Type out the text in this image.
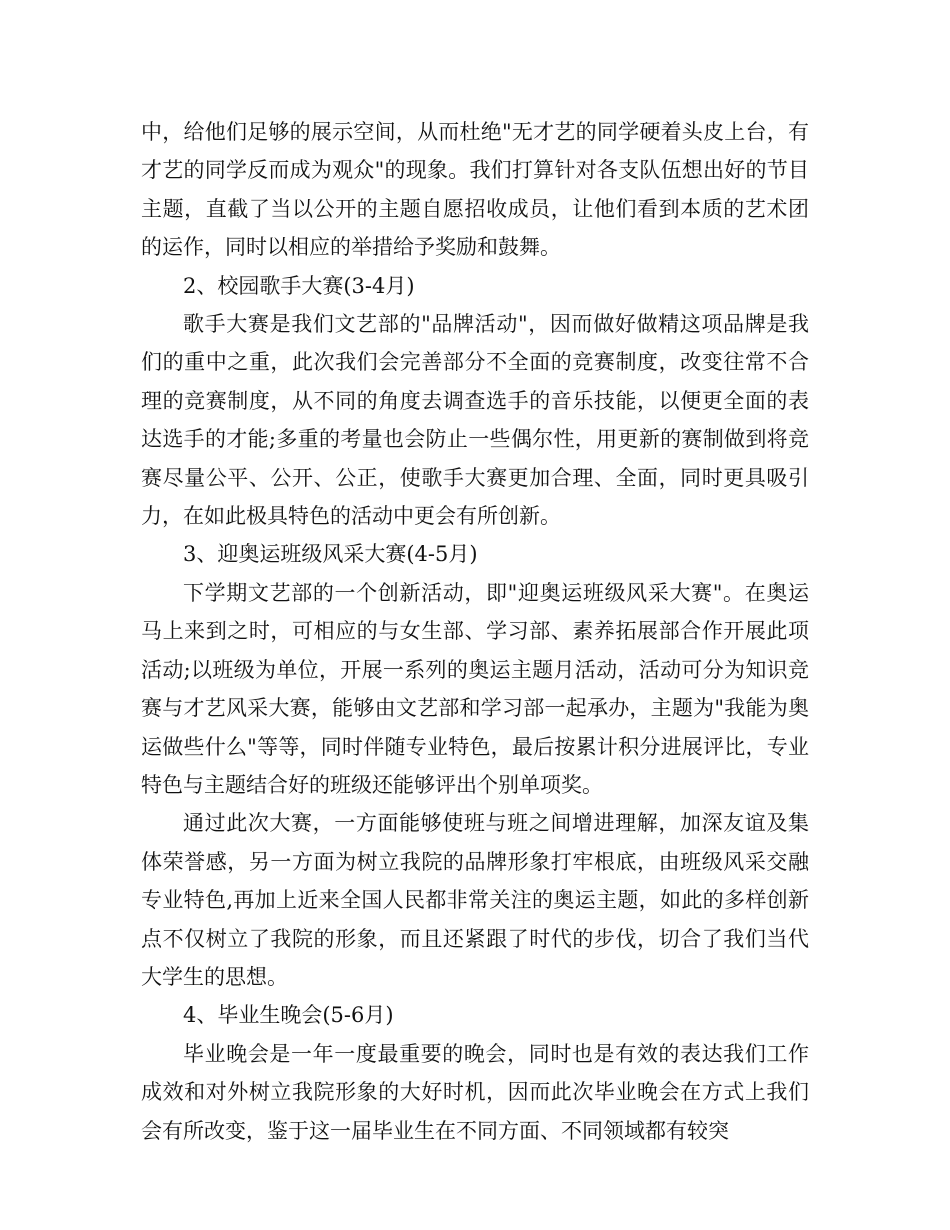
中，给他们足够的展示空间，从而杜绝"无才艺的同学硬着头皮上台，有才艺的同学反而成为观众"的现象。我们打算针对各支队伍想出好的节目主题，直截了当以公开的主题自愿招收成员，让他们看到本质的艺术团的运作，同时以相应的举措给予奖励和鼓舞。

2、校园歌手大赛(3-4月)

歌手大赛是我们文艺部的"品牌活动"，因而做好做精这项品牌是我们的重中之重，此次我们会完善部分不全面的竞赛制度，改变往常不合理的竞赛制度，从不同的角度去调查选手的音乐技能，以便更全面的表达选手的才能;多重的考量也会防止一些偶尔性，用更新的赛制做到将竞赛尽量公平、公开、公正，使歌手大赛更加合理、全面，同时更具吸引力，在如此极具特色的活动中更会有所创新。

3、迎奥运班级风采大赛(4-5月)

下学期文艺部的一个创新活动，即"迎奥运班级风采大赛"。在奥运马上来到之时，可相应的与女生部、学习部、素养拓展部合作开展此项活动;以班级为单位，开展一系列的奥运主题月活动，活动可分为知识竞赛与才艺风采大赛，能够由文艺部和学习部一起承办，主题为"我能为奥运做些什么"等等，同时伴随专业特色，最后按累计积分进展评比，专业特色与主题结合好的班级还能够评出个别单项奖。

通过此次大赛，一方面能够使班与班之间增进理解，加深友谊及集体荣誉感，另一方面为树立我院的品牌形象打牢根底，由班级风采交融专业特色,再加上近来全国人民都非常关注的奥运主题，如此的多样创新点不仅树立了我院的形象，而且还紧跟了时代的步伐，切合了我们当代大学生的思想。

4、毕业生晚会(5-6月)

毕业晚会是一年一度最重要的晚会，同时也是有效的表达我们工作成效和对外树立我院形象的大好时机，因而此次毕业晚会在方式上我们会有所改变，鉴于这一届毕业生在不同方面、不同领域都有较突
